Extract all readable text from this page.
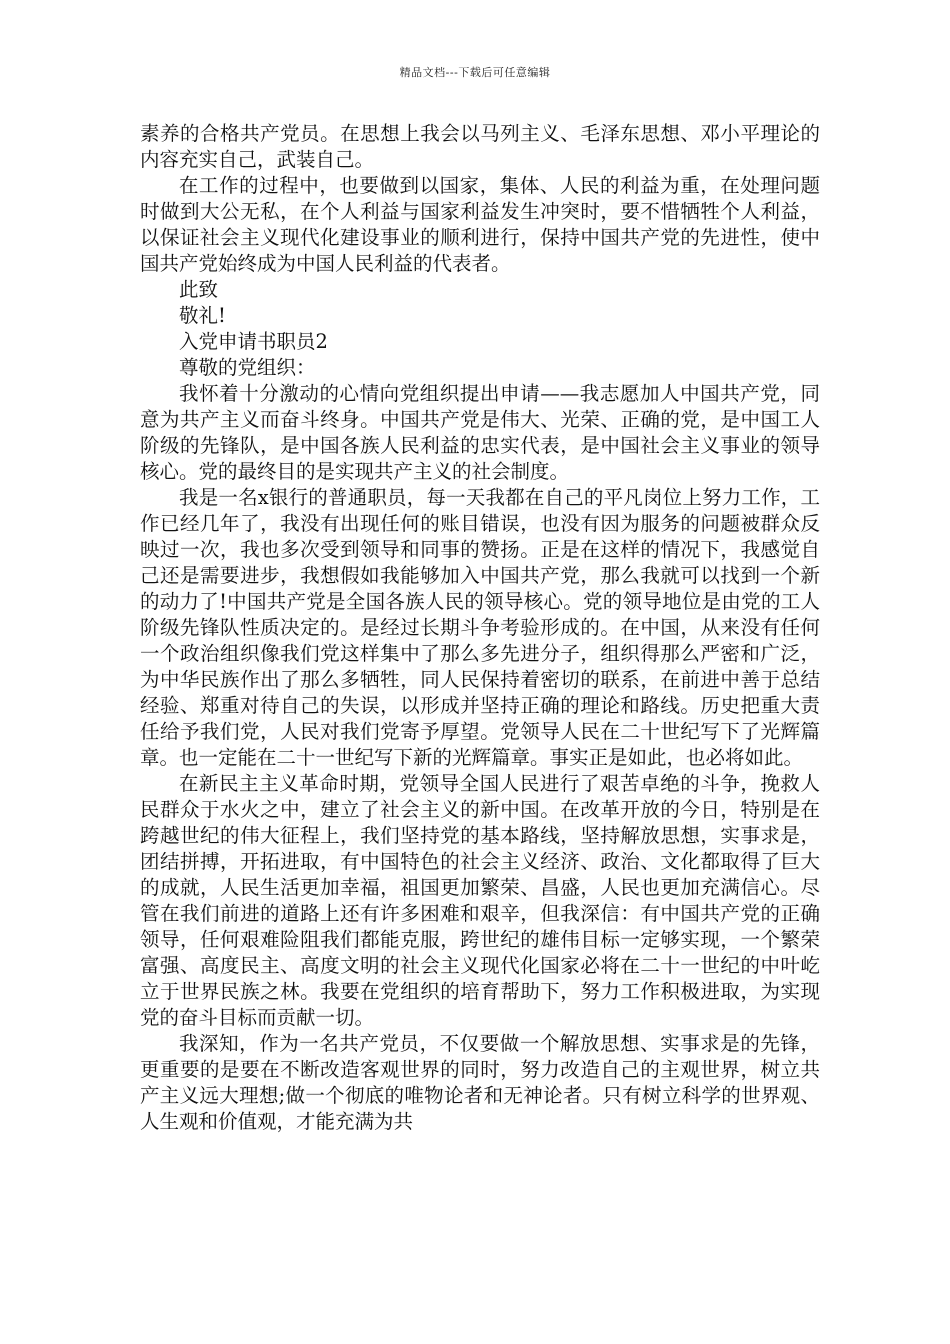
精品文档---下载后可任意编辑

素养的合格共产党员。在思想上我会以马列主义、毛泽东思想、邓小平理论的内容充实自己，武装自己。

在工作的过程中，也要做到以国家，集体、人民的利益为重，在处理问题时做到大公无私，在个人利益与国家利益发生冲突时，要不惜牺牲个人利益，以保证社会主义现代化建设事业的顺利进行，保持中国共产党的先进性，使中国共产党始终成为中国人民利益的代表者。

此致

敬礼!

入党申请书职员2

尊敬的党组织：

我怀着十分激动的心情向党组织提出申请——我志愿加人中国共产党，同意为共产主义而奋斗终身。中国共产党是伟大、光荣、正确的党，是中国工人阶级的先锋队，是中国各族人民利益的忠实代表，是中国社会主义事业的领导核心。党的最终目的是实现共产主义的社会制度。

我是一名x银行的普通职员，每一天我都在自己的平凡岗位上努力工作，工作已经几年了，我没有出现任何的账目错误，也没有因为服务的问题被群众反映过一次，我也多次受到领导和同事的赞扬。正是在这样的情况下，我感觉自己还是需要进步，我想假如我能够加入中国共产党，那么我就可以找到一个新的动力了!中国共产党是全国各族人民的领导核心。党的领导地位是由党的工人阶级先锋队性质决定的。是经过长期斗争考验形成的。在中国，从来没有任何一个政治组织像我们党这样集中了那么多先进分子，组织得那么严密和广泛，为中华民族作出了那么多牺牲，同人民保持着密切的联系，在前进中善于总结经验、郑重对待自己的失误，以形成并坚持正确的理论和路线。历史把重大责任给予我们党，人民对我们党寄予厚望。党领导人民在二十世纪写下了光辉篇章。也一定能在二十一世纪写下新的光辉篇章。事实正是如此，也必将如此。

在新民主主义革命时期，党领导全国人民进行了艰苦卓绝的斗争，挽救人民群众于水火之中，建立了社会主义的新中国。在改革开放的今日，特别是在跨越世纪的伟大征程上，我们坚持党的基本路线，坚持解放思想，实事求是，团结拼搏，开拓进取，有中国特色的社会主义经济、政治、文化都取得了巨大的成就，人民生活更加幸福，祖国更加繁荣、昌盛，人民也更加充满信心。尽管在我们前进的道路上还有许多困难和艰辛，但我深信：有中国共产党的正确领导，任何艰难险阻我们都能克服，跨世纪的雄伟目标一定够实现，一个繁荣富强、高度民主、高度文明的社会主义现代化国家必将在二十一世纪的中叶屹立于世界民族之林。我要在党组织的培育帮助下，努力工作积极进取，为实现党的奋斗目标而贡献一切。

我深知，作为一名共产党员，不仅要做一个解放思想、实事求是的先锋，更重要的是要在不断改造客观世界的同时，努力改造自己的主观世界，树立共产主义远大理想;做一个彻底的唯物论者和无神论者。只有树立科学的世界观、人生观和价值观，才能充满为共
